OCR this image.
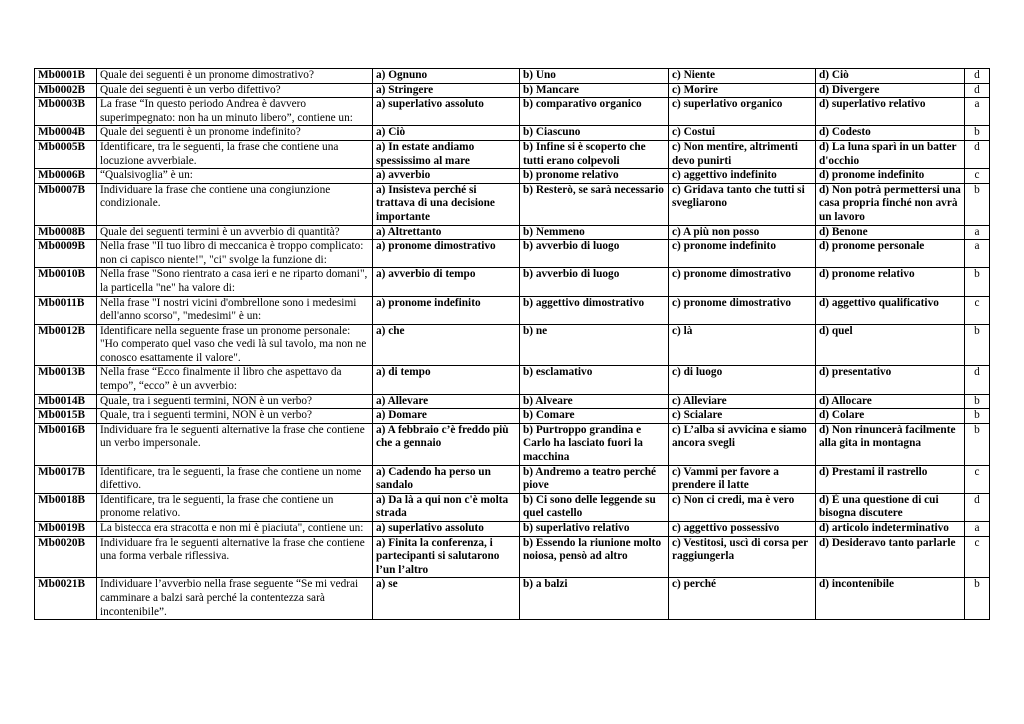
Mb0001B	Quale dei seguenti è un pronome dimostrativo?	a) Ognuno	b) Uno	c) Niente	d) Ciò	d
Mb0002B	Quale dei seguenti è un verbo difettivo?	a) Stringere	b) Mancare	c) Morire	d) Divergere	d
Mb0003B	La frase “In questo periodo Andrea è davvero superimpegnato: non ha un minuto libero”, contiene un:	a) superlativo assoluto	b) comparativo organico	c) superlativo organico	d) superlativo relativo	a
Mb0004B	Quale dei seguenti è un pronome indefinito?	a) Ciò	b) Ciascuno	c) Costui	d) Codesto	b
Mb0005B	Identificare, tra le seguenti, la frase che contiene una locuzione avverbiale.	a) In estate andiamo spessissimo al mare	b) Infine si è scoperto che tutti erano colpevoli	c) Non mentire, altrimenti devo punirti	d) La luna sparì in un batter d'occhio	d
Mb0006B	“Qualsivoglia” è un:	a) avverbio	b) pronome relativo	c) aggettivo indefinito	d) pronome indefinito	c
Mb0007B	Individuare la frase che contiene una congiunzione condizionale.	a) Insisteva perché si trattava di una decisione importante	b) Resterò, se sarà necessario	c) Gridava tanto che tutti si svegliarono	d) Non potrà permettersi una casa propria finché non avrà un lavoro	b
Mb0008B	Quale dei seguenti termini è un avverbio di quantità?	a) Altrettanto	b) Nemmeno	c) A più non posso	d) Benone	a
Mb0009B	Nella frase "Il tuo libro di meccanica è troppo complicato: non ci capisco niente!", "ci" svolge la funzione di:	a) pronome dimostrativo	b) avverbio di luogo	c) pronome indefinito	d) pronome personale	a
Mb0010B	Nella frase "Sono rientrato a casa ieri e ne riparto domani", la particella "ne" ha valore di:	a) avverbio di tempo	b) avverbio di luogo	c) pronome dimostrativo	d) pronome relativo	b
Mb0011B	Nella frase "I nostri vicini d'ombrellone sono i medesimi dell'anno scorso", "medesimi" è un:	a) pronome indefinito	b) aggettivo dimostrativo	c) pronome dimostrativo	d) aggettivo qualificativo	c
Mb0012B	Identificare nella seguente frase un pronome personale: "Ho comperato quel vaso che vedi là sul tavolo, ma non ne conosco esattamente il valore".	a) che	b) ne	c) là	d) quel	b
Mb0013B	Nella frase “Ecco finalmente il libro che aspettavo da tempo”, “ecco” è un avverbio:	a) di tempo	b) esclamativo	c) di luogo	d) presentativo	d
Mb0014B	Quale, tra i seguenti termini, NON è un verbo?	a) Allevare	b) Alveare	c) Alleviare	d) Allocare	b
Mb0015B	Quale, tra i seguenti termini, NON è un verbo?	a) Domare	b) Comare	c) Scialare	d) Colare	b
Mb0016B	Individuare fra le seguenti alternative la frase che contiene un verbo impersonale.	a) A febbraio c’è freddo più che a gennaio	b) Purtroppo grandina e Carlo ha lasciato fuori la macchina	c) L’alba si avvicina e siamo ancora svegli	d) Non rinuncerà facilmente alla gita in montagna	b
Mb0017B	Identificare, tra le seguenti, la frase che contiene un nome difettivo.	a) Cadendo ha perso un sandalo	b) Andremo a teatro perché piove	c) Vammi per favore a prendere il latte	d) Prestami il rastrello	c
Mb0018B	Identificare, tra le seguenti, la frase che contiene un pronome relativo.	a) Da là a qui non c'è molta strada	b) Ci sono delle leggende su quel castello	c) Non ci credi, ma è vero	d) È una questione di cui bisogna discutere	d
Mb0019B	La bistecca era stracotta e non mi è piaciuta", contiene un:	a) superlativo assoluto	b) superlativo relativo	c) aggettivo possessivo	d) articolo indeterminativo	a
Mb0020B	Individuare fra le seguenti alternative la frase che contiene una forma verbale riflessiva.	a) Finita la conferenza, i partecipanti si salutarono l’un l’altro	b) Essendo la riunione molto noiosa, pensò ad altro	c) Vestitosi, uscì di corsa per raggiungerla	d) Desideravo tanto parlarle	c
Mb0021B	Individuare l’avverbio nella frase seguente “Se mi vedrai camminare a balzi sarà perché la contentezza sarà incontenibile”.	a) se	b) a balzi	c) perché	d) incontenibile	b
